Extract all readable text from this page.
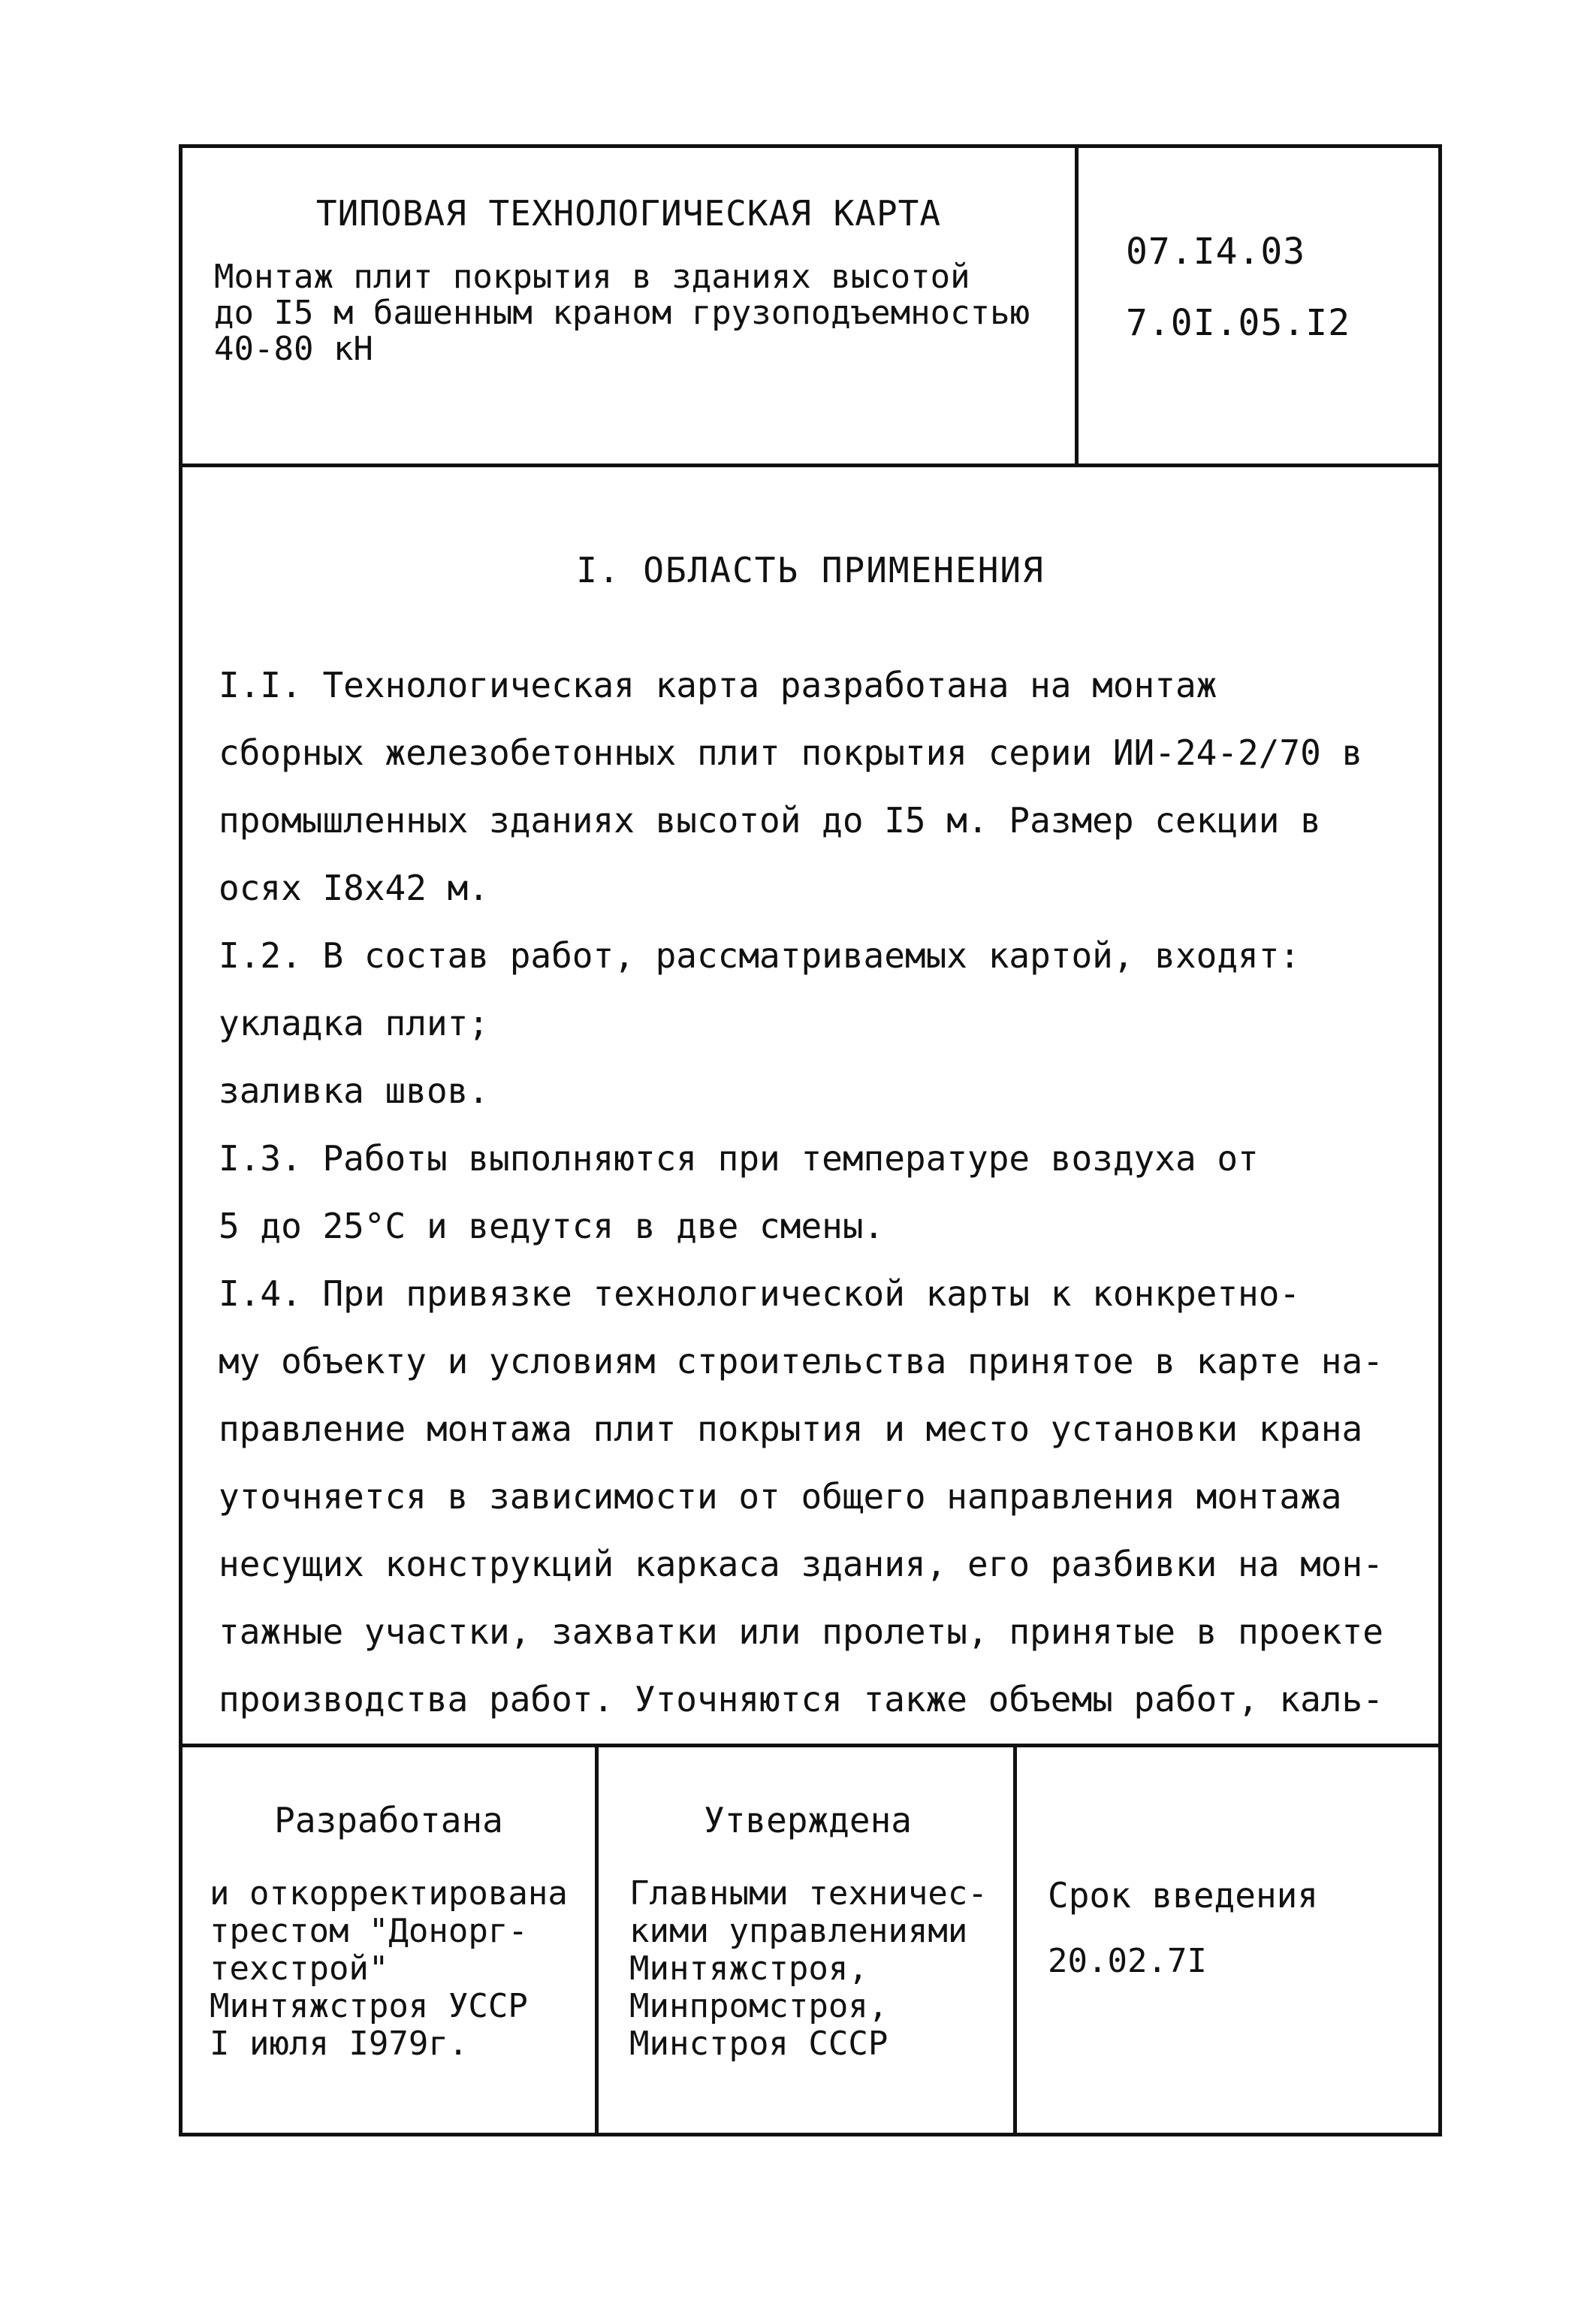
ТИПОВАЯ ТЕХНОЛОГИЧЕСКАЯ КАРТА
Монтаж плит покрытия в зданиях высотой
до I5 м башенным краном грузоподъемностью
40-80 кН
07.I4.03
7.0I.05.I2
I. ОБЛАСТЬ ПРИМЕНЕНИЯ
I.I. Технологическая карта разработана на монтаж
сборных железобетонных плит покрытия серии ИИ-24-2/70 в
промышленных зданиях высотой до I5 м. Размер секции в
осях I8х42 м.
I.2. В состав работ, рассматриваемых картой, входят:
укладка плит;
заливка швов.
I.3. Работы выполняются при температуре воздуха от
5 до 25°С и ведутся в две смены.
I.4. При привязке технологической карты к конкретно-
му объекту и условиям строительства принятое в карте на-
правление монтажа плит покрытия и место установки крана
уточняется в зависимости от общего направления монтажа
несущих конструкций каркаса здания, его разбивки на мон-
тажные участки, захватки или пролеты, принятые в проекте
производства работ. Уточняются также объемы работ, каль-
Разработана
и откорректирована
трестом "Донорг-
техстрой"
Минтяжстроя УССР
I июля I979г.
Утверждена
Главными техничес-
кими управлениями
Минтяжстроя,
Минпромстроя,
Минстроя СССР
Срок введения
20.02.7I
